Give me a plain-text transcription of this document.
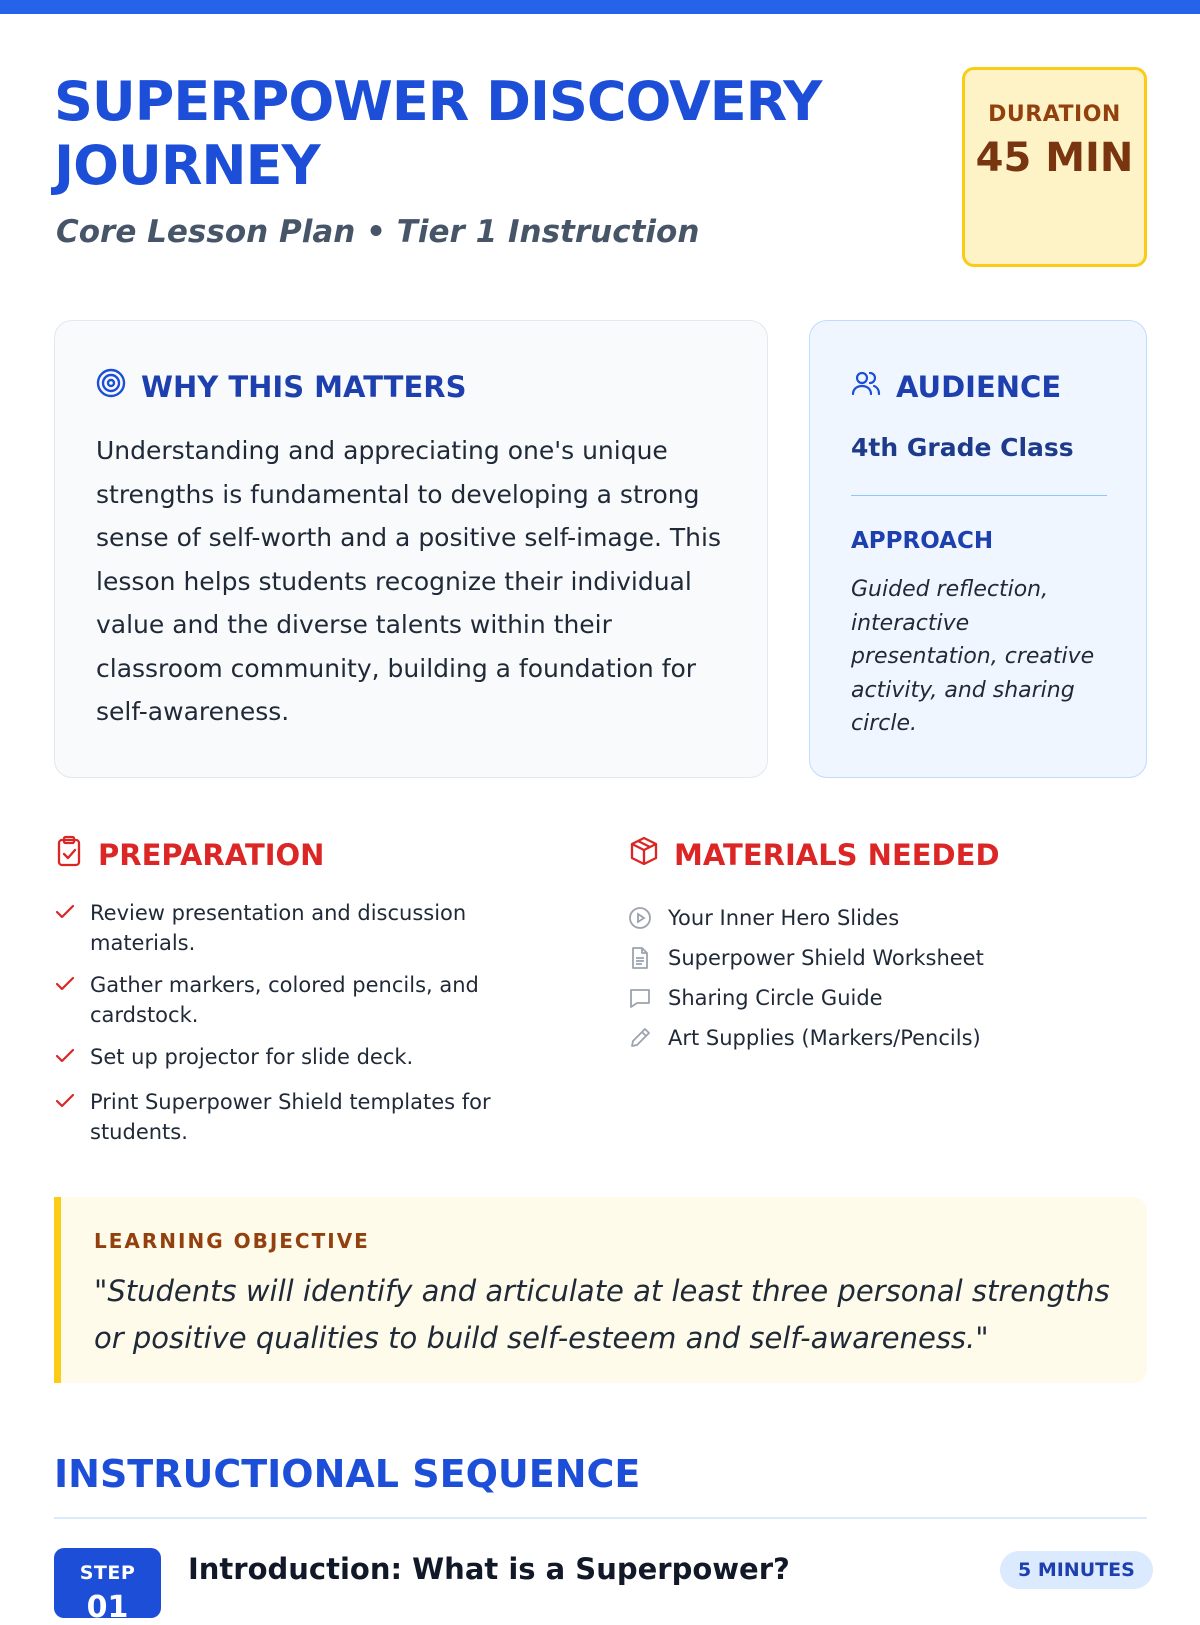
SUPERPOWER DISCOVERY JOURNEY
Core Lesson Plan • Tier 1 Instruction
DURATION
45 MIN
WHY THIS MATTERS

Understanding and appreciating one's unique strengths is fundamental to developing a strong sense of self-worth and a positive self-image. This lesson helps students recognize their individual value and the diverse talents within their classroom community, building a foundation for self-awareness.

AUDIENCE
4th Grade Class
APPROACH

Guided reflection, interactive presentation, creative activity, and sharing circle.

PREPARATION
Review presentation and discussion materials.
Gather markers, colored pencils, and cardstock.
Set up projector for slide deck.
Print Superpower Shield templates for students.
MATERIALS NEEDED
Your Inner Hero Slides
Superpower Shield Worksheet
Sharing Circle Guide
Art Supplies (Markers/Pencils)
LEARNING OBJECTIVE

"Students will identify and articulate at least three personal strengths or positive qualities to build self-esteem and self-awareness."

INSTRUCTIONAL SEQUENCE
STEP
01
Introduction: What is a Superpower?	5 MINUTES
